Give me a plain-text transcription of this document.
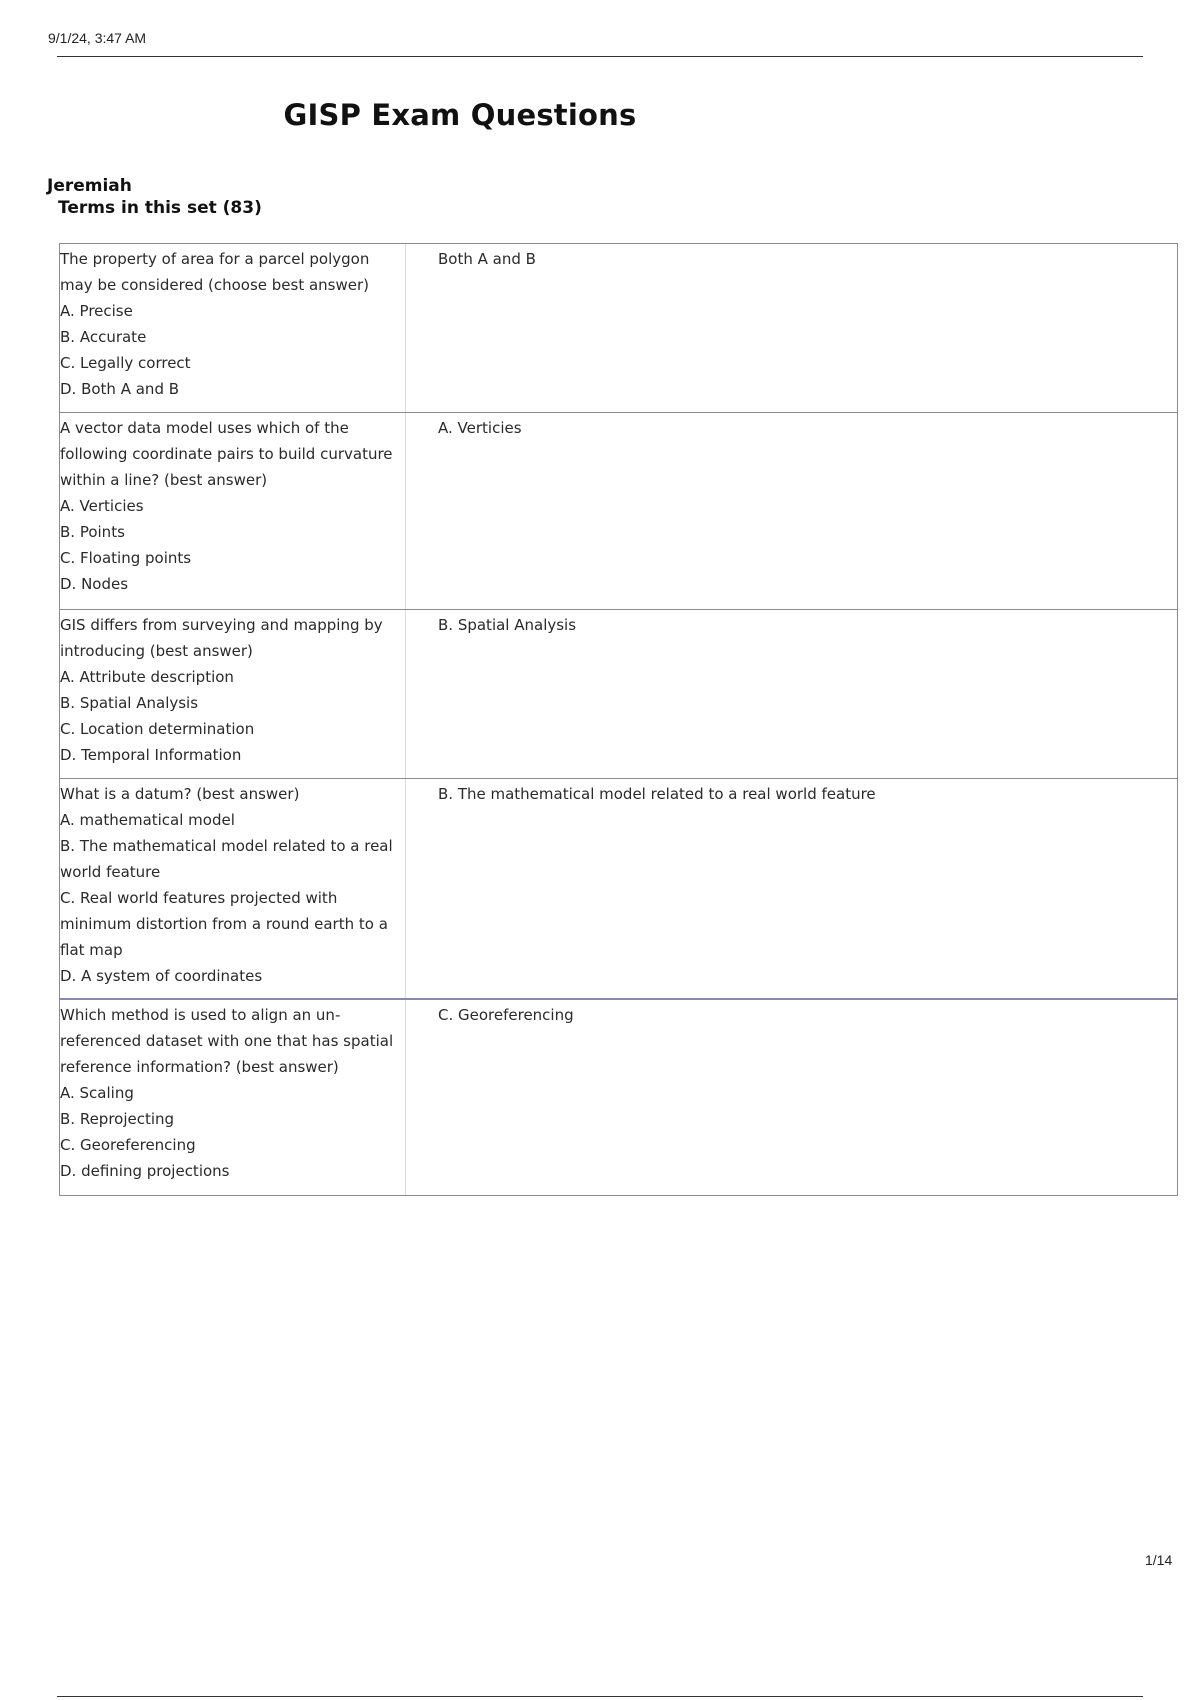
9/1/24, 3:47 AM
GISP Exam Questions
Jeremiah
Terms in this set (83)
The property of area for a parcel polygon
may be considered (choose best answer)
A. Precise
B. Accurate
C. Legally correct
D. Both A and B
Both A and B
A vector data model uses which of the
following coordinate pairs to build curvature
within a line? (best answer)
A. Verticies
B. Points
C. Floating points
D. Nodes
A. Verticies
GIS differs from surveying and mapping by
introducing (best answer)
A. Attribute description
B. Spatial Analysis
C. Location determination
D. Temporal Information
B. Spatial Analysis
What is a datum? (best answer)
A. mathematical model
B. The mathematical model related to a real
world feature
C. Real world features projected with
minimum distortion from a round earth to a
flat map
D. A system of coordinates
B. The mathematical model related to a real world feature
Which method is used to align an un-
referenced dataset with one that has spatial
reference information? (best answer)
A. Scaling
B. Reprojecting
C. Georeferencing
D. defining projections
C. Georeferencing
1/14
